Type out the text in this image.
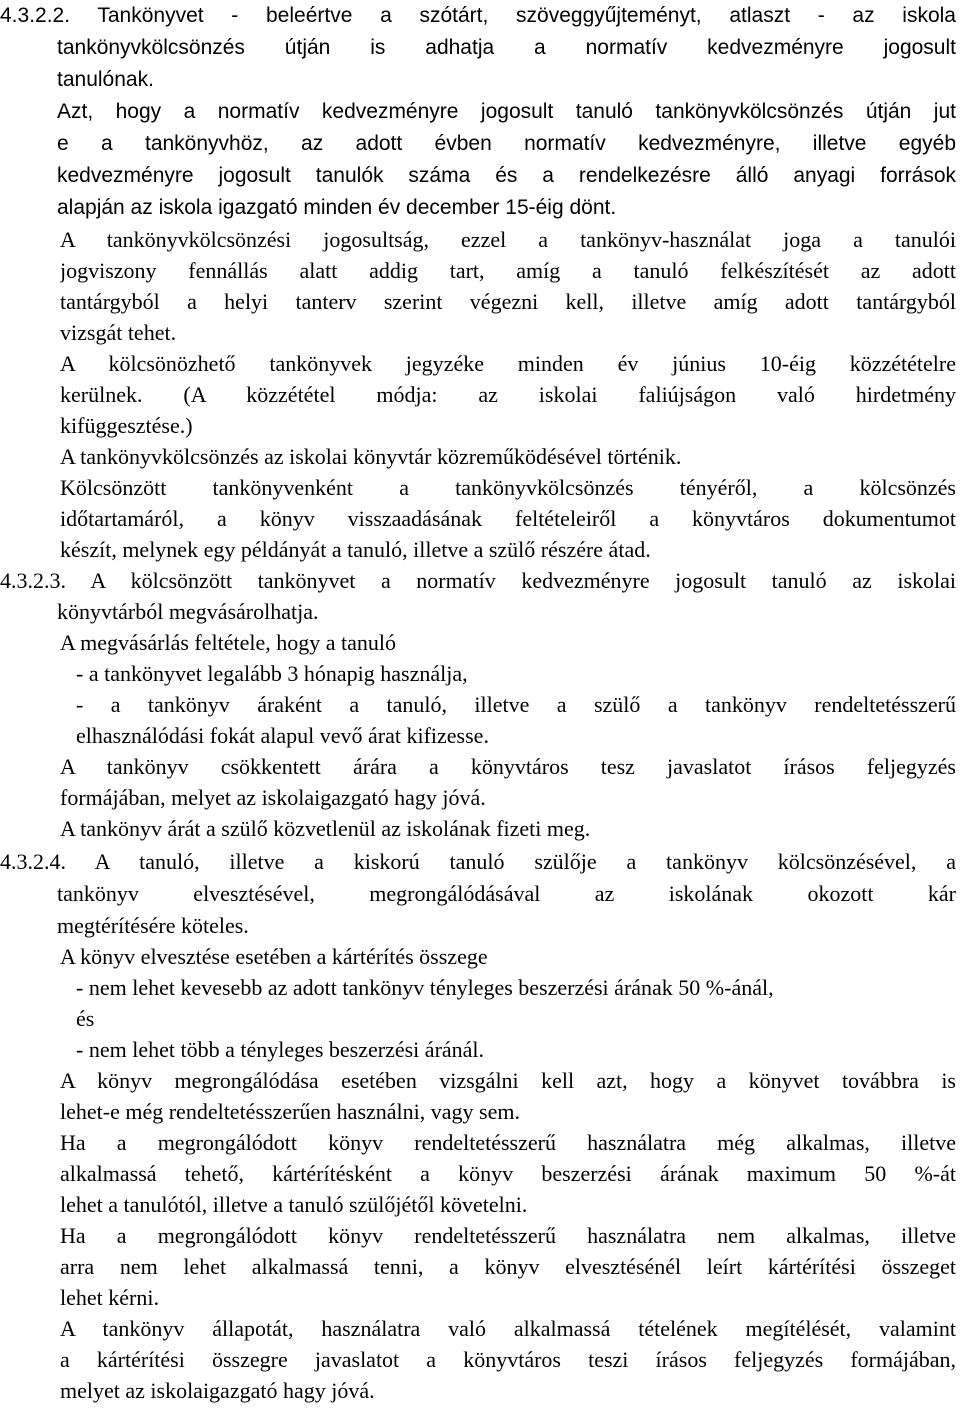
4.3.2.2. Tankönyvet - beleértve a szótárt, szöveggyűjteményt, atlaszt - az iskola
tankönyvkölcsönzés útján is adhatja a normatív kedvezményre jogosult
tanulónak.
Azt, hogy a normatív kedvezményre jogosult tanuló tankönyvkölcsönzés útján jut
e a tankönyvhöz, az adott évben normatív kedvezményre, illetve egyéb
kedvezményre jogosult tanulók száma és a rendelkezésre álló anyagi források
alapján az iskola igazgató minden év december 15-éig dönt.
A tankönyvkölcsönzési jogosultság, ezzel a tankönyv-használat joga a tanulói
jogviszony fennállás alatt addig tart, amíg a tanuló felkészítését az adott
tantárgyból a helyi tanterv szerint végezni kell, illetve amíg adott tantárgyból
vizsgát tehet.
A kölcsönözhető tankönyvek jegyzéke minden év június 10-éig közzétételre
kerülnek. (A közzététel módja: az iskolai faliújságon való hirdetmény
kifüggesztése.)
A tankönyvkölcsönzés az iskolai könyvtár közreműködésével történik.
Kölcsönzött tankönyvenként a tankönyvkölcsönzés tényéről, a kölcsönzés
időtartamáról, a könyv visszaadásának feltételeiről a könyvtáros dokumentumot
készít, melynek egy példányát a tanuló, illetve a szülő részére átad.
4.3.2.3. A kölcsönzött tankönyvet a normatív kedvezményre jogosult tanuló az iskolai
könyvtárból megvásárolhatja.
A megvásárlás feltétele, hogy a tanuló
- a tankönyvet legalább 3 hónapig használja,
- a tankönyv áraként a tanuló, illetve a szülő a tankönyv rendeltetésszerű
elhasználódási fokát alapul vevő árat kifizesse.
A tankönyv csökkentett árára a könyvtáros tesz javaslatot írásos feljegyzés
formájában, melyet az iskolaigazgató hagy jóvá.
A tankönyv árát a szülő közvetlenül az iskolának fizeti meg.
4.3.2.4. A tanuló, illetve a kiskorú tanuló szülője a tankönyv kölcsönzésével, a
tankönyv elvesztésével, megrongálódásával az iskolának okozott kár
megtérítésére köteles.
A könyv elvesztése esetében a kártérítés összege
- nem lehet kevesebb az adott tankönyv tényleges beszerzési árának 50 %-ánál,
és
- nem lehet több a tényleges beszerzési áránál.
A könyv megrongálódása esetében vizsgálni kell azt, hogy a könyvet továbbra is
lehet-e még rendeltetésszerűen használni, vagy sem.
Ha a megrongálódott könyv rendeltetésszerű használatra még alkalmas, illetve
alkalmassá tehető, kártérítésként a könyv beszerzési árának maximum 50 %-át
lehet a tanulótól, illetve a tanuló szülőjétől követelni.
Ha a megrongálódott könyv rendeltetésszerű használatra nem alkalmas, illetve
arra nem lehet alkalmassá tenni, a könyv elvesztésénél leírt kártérítési összeget
lehet kérni.
A tankönyv állapotát, használatra való alkalmassá tételének megítélését, valamint
a kártérítési összegre javaslatot a könyvtáros teszi írásos feljegyzés formájában,
melyet az iskolaigazgató hagy jóvá.
